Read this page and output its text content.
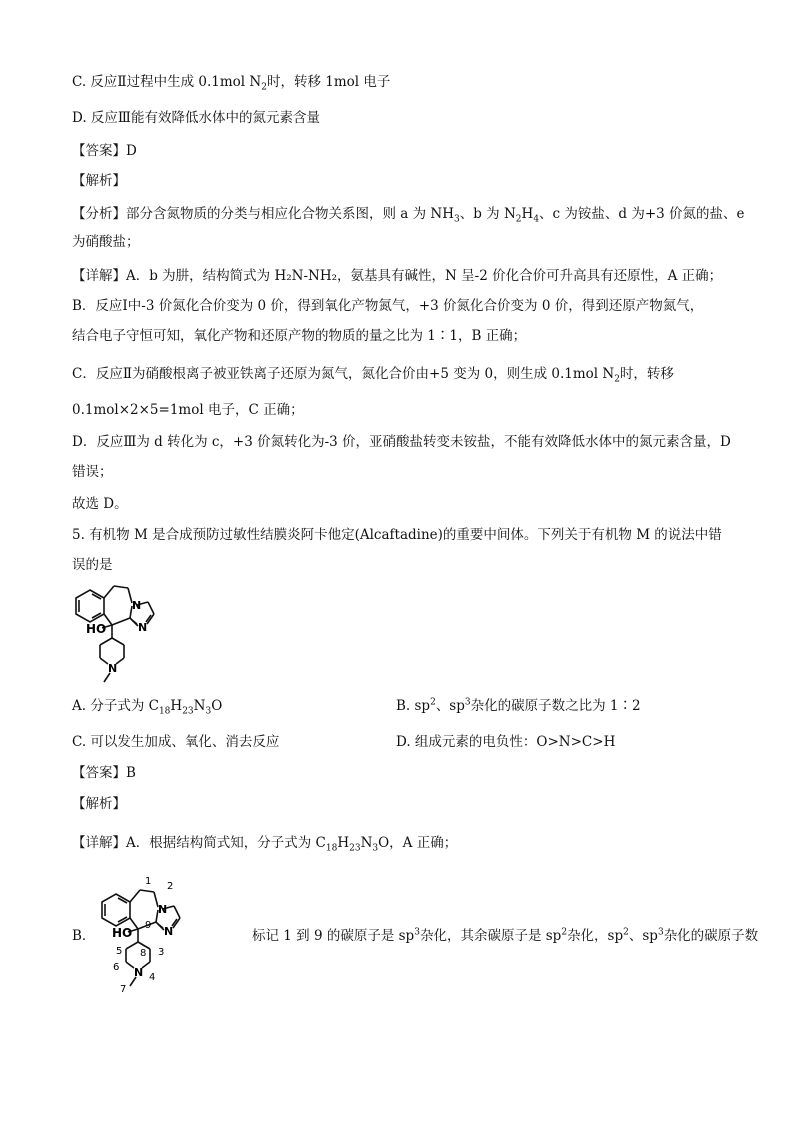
C. 反应Ⅱ过程中生成 0.1mol $N_2$时，转移 1mol 电子
D. 反应Ⅲ能有效降低水体中的氮元素含量
【答案】D
【解析】
【分析】部分含氮物质的分类与相应化合物关系图，则 a 为 $NH_3$、b 为 $N_2H_4$、c 为铵盐、d 为+3 价氮的盐、e
为硝酸盐；
【详解】A．b 为肼，结构简式为 H₂N-NH₂，氨基具有碱性，N 呈-2 价化合价可升高具有还原性，A 正确；
B．反应Ⅰ中-3 价氮化合价变为 0 价，得到氧化产物氮气，+3 价氮化合价变为 0 价，得到还原产物氮气，
结合电子守恒可知，氧化产物和还原产物的物质的量之比为 1∶1，B 正确；
C．反应Ⅱ为硝酸根离子被亚铁离子还原为氮气，氮化合价由+5 变为 0，则生成 0.1mol $N_2$时，转移
0.1mol×2×5=1mol 电子，C 正确；
D．反应Ⅲ为 d 转化为 c，+3 价氮转化为-3 价，亚硝酸盐转变未铵盐，不能有效降低水体中的氮元素含量，D
错误；
故选 D。
5. 有机物 M 是合成预防过敏性结膜炎阿卡他定(Alcaftadine)的重要中间体。下列关于有机物 M 的说法中错
误的是
HO
N
N
N
A. 分子式为 $C_{18}H_{23}N_3O$	B. $sp^2$、$sp^3$杂化的碳原子数之比为 1∶2
C. 可以发生加成、氧化、消去反应	D. 组成元素的电负性：O>N>C>H
【答案】B
【解析】
【详解】A．根据结构简式知，分子式为 $C_{18}H_{23}N_3O$，A 正确；
B． HO
N
N
N
1 2
3
4
5
6
7
8
9
标记 1 到 9 的碳原子是 $sp^3$杂化，其余碳原子是 $sp^2$杂化，$sp^2$、$sp^3$杂化的碳原子数
